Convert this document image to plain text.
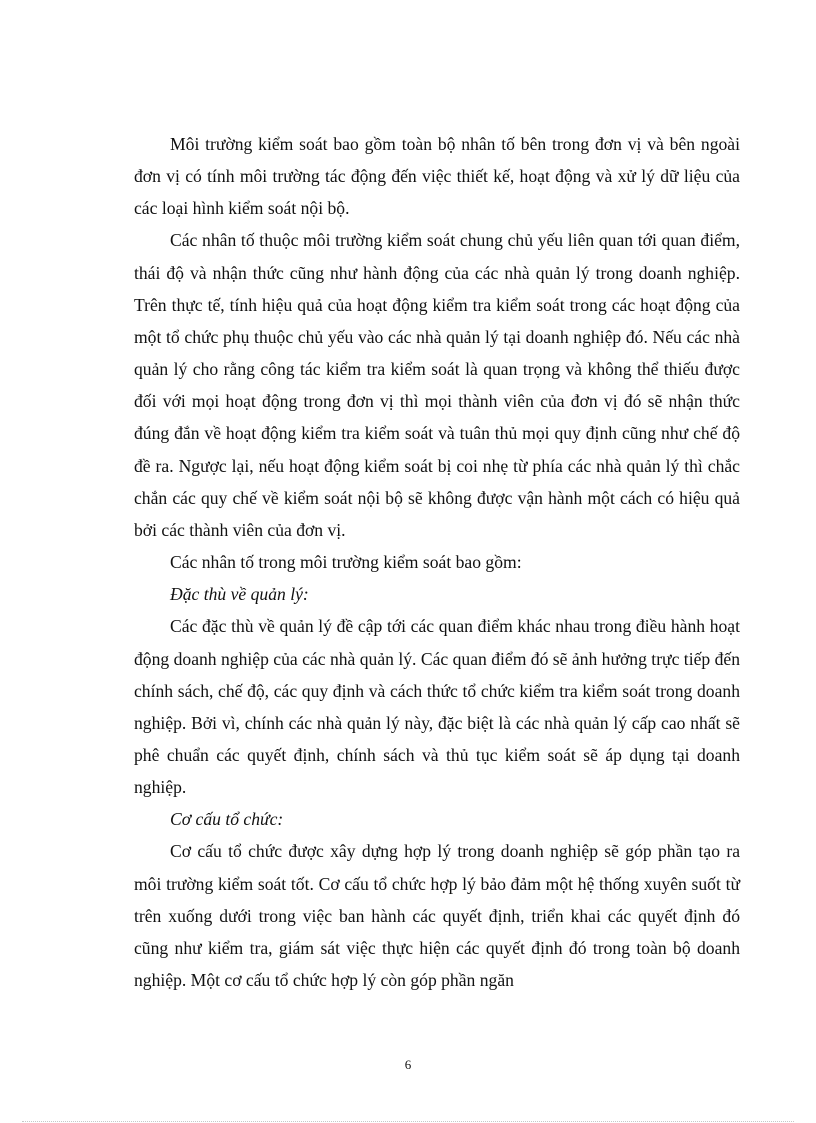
Môi trường kiểm soát bao gồm toàn bộ nhân tố bên trong đơn vị và bên ngoài đơn vị có tính môi trường tác động đến việc thiết kế, hoạt động và xử lý dữ liệu của các loại hình kiểm soát nội bộ.

Các nhân tố thuộc môi trường kiểm soát chung chủ yếu liên quan tới quan điểm, thái độ và nhận thức cũng như hành động của các nhà quản lý trong doanh nghiệp. Trên thực tế, tính hiệu quả của hoạt động kiểm tra kiểm soát trong các hoạt động của một tổ chức phụ thuộc chủ yếu vào các nhà quản lý tại doanh nghiệp đó. Nếu các nhà quản lý cho rằng công tác kiểm tra kiểm soát là quan trọng và không thể thiếu được đối với mọi hoạt động trong đơn vị thì mọi thành viên của đơn vị đó sẽ nhận thức đúng đắn về hoạt động kiểm tra kiểm soát và tuân thủ mọi quy định cũng như chế độ đề ra. Ngược lại, nếu hoạt động kiểm soát bị coi nhẹ từ phía các nhà quản lý thì chắc chắn các quy chế về kiểm soát nội bộ sẽ không được vận hành một cách có hiệu quả bởi các thành viên của đơn vị.

Các nhân tố trong môi trường kiểm soát bao gồm:

Đặc thù về quản lý:

Các đặc thù về quản lý đề cập tới các quan điểm khác nhau trong điều hành hoạt động doanh nghiệp của các nhà quản lý. Các quan điểm đó sẽ ảnh hưởng trực tiếp đến chính sách, chế độ, các quy định và cách thức tổ chức kiểm tra kiểm soát trong doanh nghiệp. Bởi vì, chính các nhà quản lý này, đặc biệt là các nhà quản lý cấp cao nhất sẽ phê chuẩn các quyết định, chính sách và thủ tục kiểm soát sẽ áp dụng tại doanh nghiệp.

Cơ cấu tổ chức:

Cơ cấu tổ chức được xây dựng hợp lý trong doanh nghiệp sẽ góp phần tạo ra môi trường kiểm soát tốt. Cơ cấu tổ chức hợp lý bảo đảm một hệ thống xuyên suốt từ trên xuống dưới trong việc ban hành các quyết định, triển khai các quyết định đó cũng như kiểm tra, giám sát việc thực hiện các quyết định đó trong toàn bộ doanh nghiệp. Một cơ cấu tổ chức hợp lý còn góp phần ngăn

6
